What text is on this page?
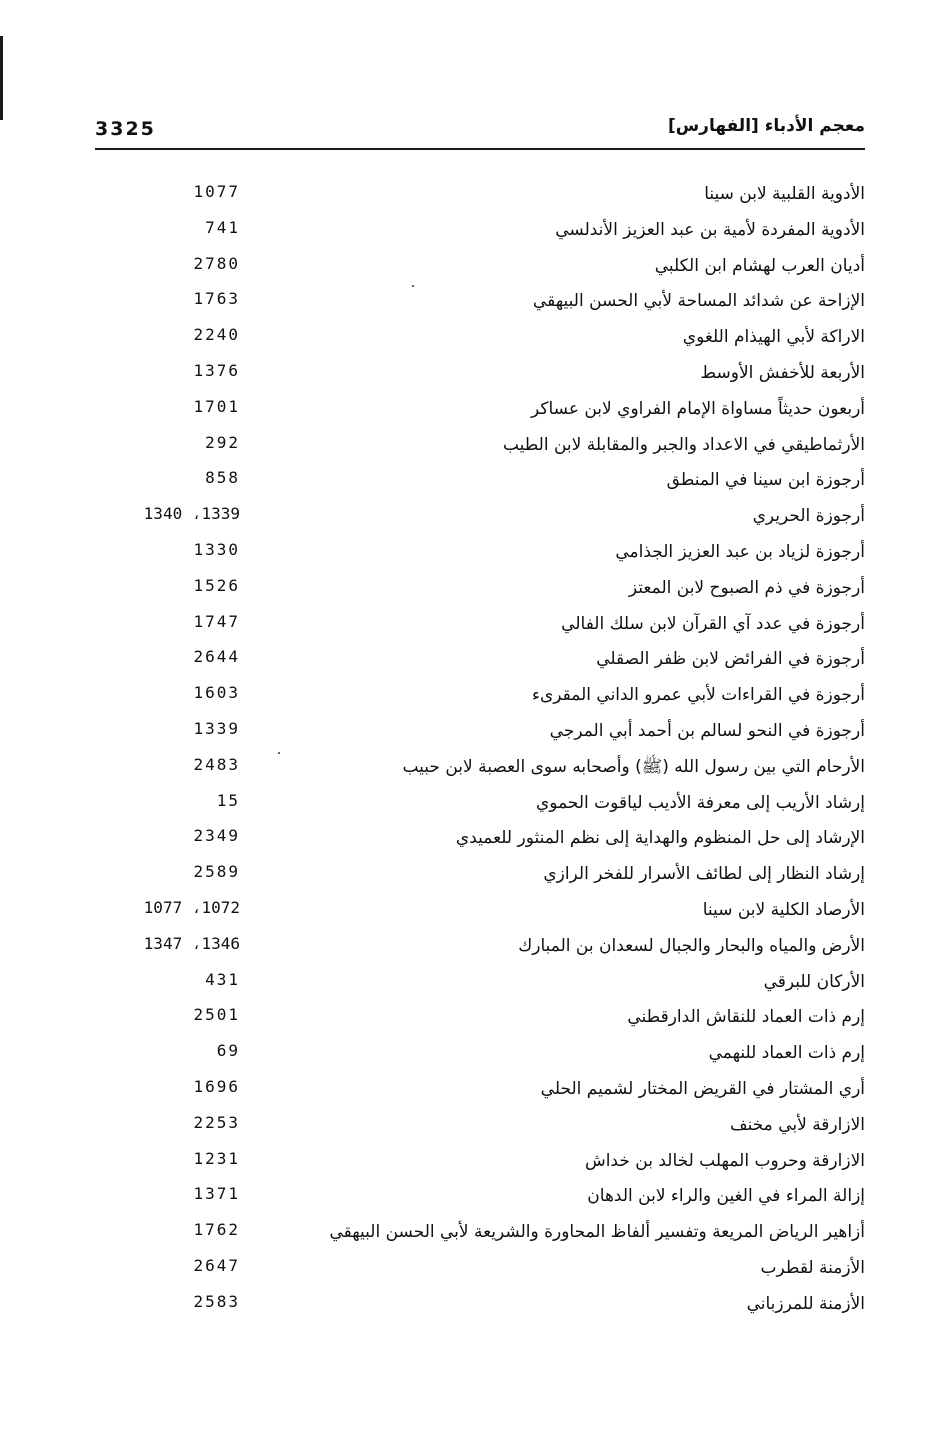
3325	معجم الأدباء [الفهارس]
الأدوية القلبية لابن سينا
1077
الأدوية المفردة لأمية بن عبد العزيز الأندلسي
741
أديان العرب لهشام ابن الكلبي
2780
الإزاحة عن شدائد المساحة لأبي الحسن البيهقي
1763
الاراكة لأبي الهيذام اللغوي
2240
الأربعة للأخفش الأوسط
1376
أربعون حديثاً مساواة الإمام الفراوي لابن عساكر
1701
الأرثماطيقي في الاعداد والجبر والمقابلة لابن الطيب
292
أرجوزة ابن سينا في المنطق
858
أرجوزة الحريري
1339، 1340
أرجوزة لزياد بن عبد العزيز الجذامي
1330
أرجوزة في ذم الصبوح لابن المعتز
1526
أرجوزة في عدد آي القرآن لابن سلك الفالي
1747
أرجوزة في الفرائض لابن ظفر الصقلي
2644
أرجوزة في القراءات لأبي عمرو الداني المقرىء
1603
أرجوزة في النحو لسالم بن أحمد أبي المرجي
1339
الأرحام التي بين رسول الله (ﷺ) وأصحابه سوى العصبة لابن حبيب
2483
إرشاد الأريب إلى معرفة الأديب لياقوت الحموي
15
الإرشاد إلى حل المنظوم والهداية إلى نظم المنثور للعميدي
2349
إرشاد النظار إلى لطائف الأسرار للفخر الرازي
2589
الأرصاد الكلية لابن سينا
1072، 1077
الأرض والمياه والبحار والجبال لسعدان بن المبارك
1346، 1347
الأركان للبرقي
431
إرم ذات العماد للنقاش الدارقطني
2501
إرم ذات العماد للنهمي
69
أري المشتار في القريض المختار لشميم الحلي
1696
الازارقة لأبي مخنف
2253
الازارقة وحروب المهلب لخالد بن خداش
1231
إزالة المراء في الغين والراء لابن الدهان
1371
أزاهير الرياض المريعة وتفسير ألفاظ المحاورة والشريعة لأبي الحسن البيهقي
1762
الأزمنة لقطرب
2647
الأزمنة للمرزباني
2583
